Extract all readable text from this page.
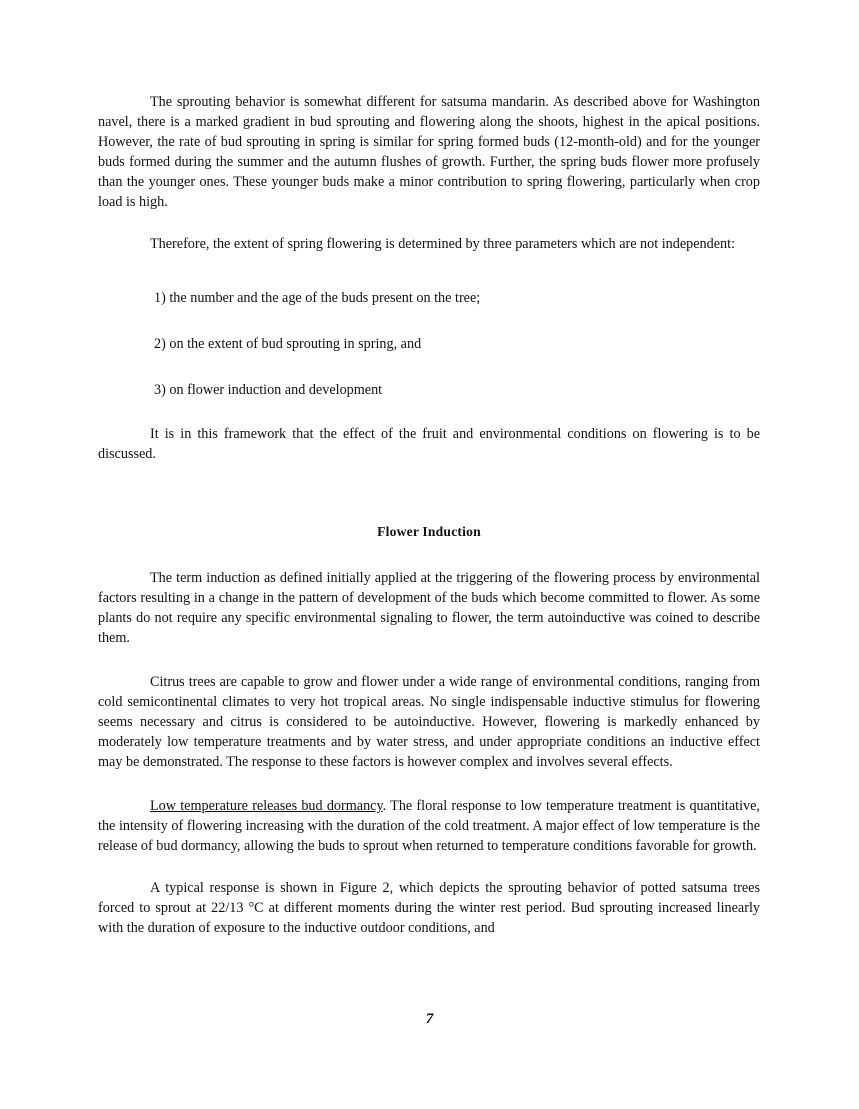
The sprouting behavior is somewhat different for satsuma mandarin. As described above for Washington navel, there is a marked gradient in bud sprouting and flowering along the shoots, highest in the apical positions. However, the rate of bud sprouting in spring is similar for spring formed buds (12-month-old) and for the younger buds formed during the summer and the autumn flushes of growth. Further, the spring buds flower more profusely than the younger ones. These younger buds make a minor contribution to spring flowering, particularly when crop load is high.

Therefore, the extent of spring flowering is determined by three parameters which are not independent:

1) the number and the age of the buds present on the tree;

2) on the extent of bud sprouting in spring, and

3) on flower induction and development

It is in this framework that the effect of the fruit and environmental conditions on flowering is to be discussed.

Flower Induction

The term induction as defined initially applied at the triggering of the flowering process by environmental factors resulting in a change in the pattern of development of the buds which become committed to flower. As some plants do not require any specific environmental signaling to flower, the term autoinductive was coined to describe them.

Citrus trees are capable to grow and flower under a wide range of environmental conditions, ranging from cold semicontinental climates to very hot tropical areas. No single indispensable inductive stimulus for flowering seems necessary and citrus is considered to be autoinductive. However, flowering is markedly enhanced by moderately low temperature treatments and by water stress, and under appropriate conditions an inductive effect may be demonstrated. The response to these factors is however complex and involves several effects.

Low temperature releases bud dormancy. The floral response to low temperature treatment is quantitative, the intensity of flowering increasing with the duration of the cold treatment. A major effect of low temperature is the release of bud dormancy, allowing the buds to sprout when returned to temperature conditions favorable for growth.

A typical response is shown in Figure 2, which depicts the sprouting behavior of potted satsuma trees forced to sprout at 22/13 °C at different moments during the winter rest period. Bud sprouting increased linearly with the duration of exposure to the inductive outdoor conditions, and

7
